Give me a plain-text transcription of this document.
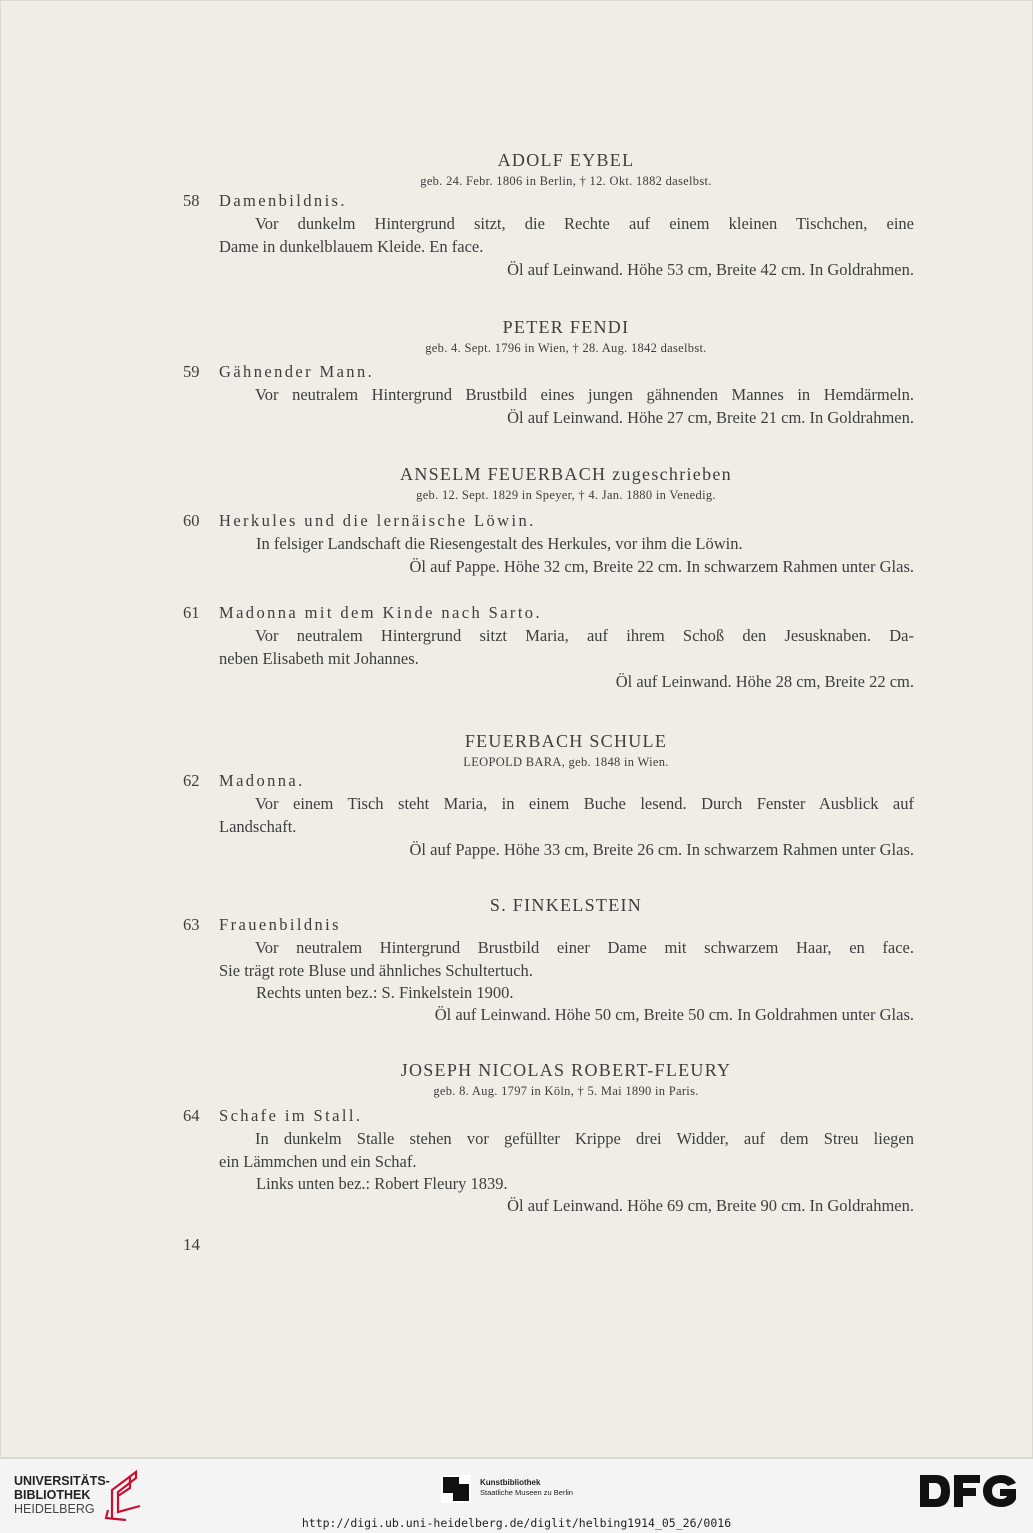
ADOLF EYBEL
geb. 24. Febr. 1806 in Berlin, † 12. Okt. 1882 daselbst.
58 Damenbildnis.
Vor dunkelm Hintergrund sitzt, die Rechte auf einem kleinen Tischchen, eine
Dame in dunkelblauem Kleide. En face.
Öl auf Leinwand. Höhe 53 cm, Breite 42 cm. In Goldrahmen.
PETER FENDI
geb. 4. Sept. 1796 in Wien, † 28. Aug. 1842 daselbst.
59 Gähnender Mann.
Vor neutralem Hintergrund Brustbild eines jungen gähnenden Mannes in Hemdärmeln.
Öl auf Leinwand. Höhe 27 cm, Breite 21 cm. In Goldrahmen.
ANSELM FEUERBACH zugeschrieben
geb. 12. Sept. 1829 in Speyer, † 4. Jan. 1880 in Venedig.
60 Herkules und die lernäische Löwin.
In felsiger Landschaft die Riesengestalt des Herkules, vor ihm die Löwin.
Öl auf Pappe. Höhe 32 cm, Breite 22 cm. In schwarzem Rahmen unter Glas.
61 Madonna mit dem Kinde nach Sarto.
Vor neutralem Hintergrund sitzt Maria, auf ihrem Schoß den Jesusknaben. Da-
neben Elisabeth mit Johannes.
Öl auf Leinwand. Höhe 28 cm, Breite 22 cm.
FEUERBACH SCHULE
LEOPOLD BARA, geb. 1848 in Wien.
62 Madonna.
Vor einem Tisch steht Maria, in einem Buche lesend. Durch Fenster Ausblick auf
Landschaft.
Öl auf Pappe. Höhe 33 cm, Breite 26 cm. In schwarzem Rahmen unter Glas.
S. FINKELSTEIN
63 Frauenbildnis
Vor neutralem Hintergrund Brustbild einer Dame mit schwarzem Haar, en face.
Sie trägt rote Bluse und ähnliches Schultertuch.
Rechts unten bez.: S. Finkelstein 1900.
Öl auf Leinwand. Höhe 50 cm, Breite 50 cm. In Goldrahmen unter Glas.
JOSEPH NICOLAS ROBERT-FLEURY
geb. 8. Aug. 1797 in Köln, † 5. Mai 1890 in Paris.
64 Schafe im Stall.
In dunkelm Stalle stehen vor gefüllter Krippe drei Widder, auf dem Streu liegen
ein Lämmchen und ein Schaf.
Links unten bez.: Robert Fleury 1839.
Öl auf Leinwand. Höhe 69 cm, Breite 90 cm. In Goldrahmen.
14
UNIVERSITÄTS-
BIBLIOTHEK
HEIDELBERG
Kunstbibliothek
Staatliche Museen zu Berlin
http://digi.ub.uni-heidelberg.de/diglit/helbing1914_05_26/0016
